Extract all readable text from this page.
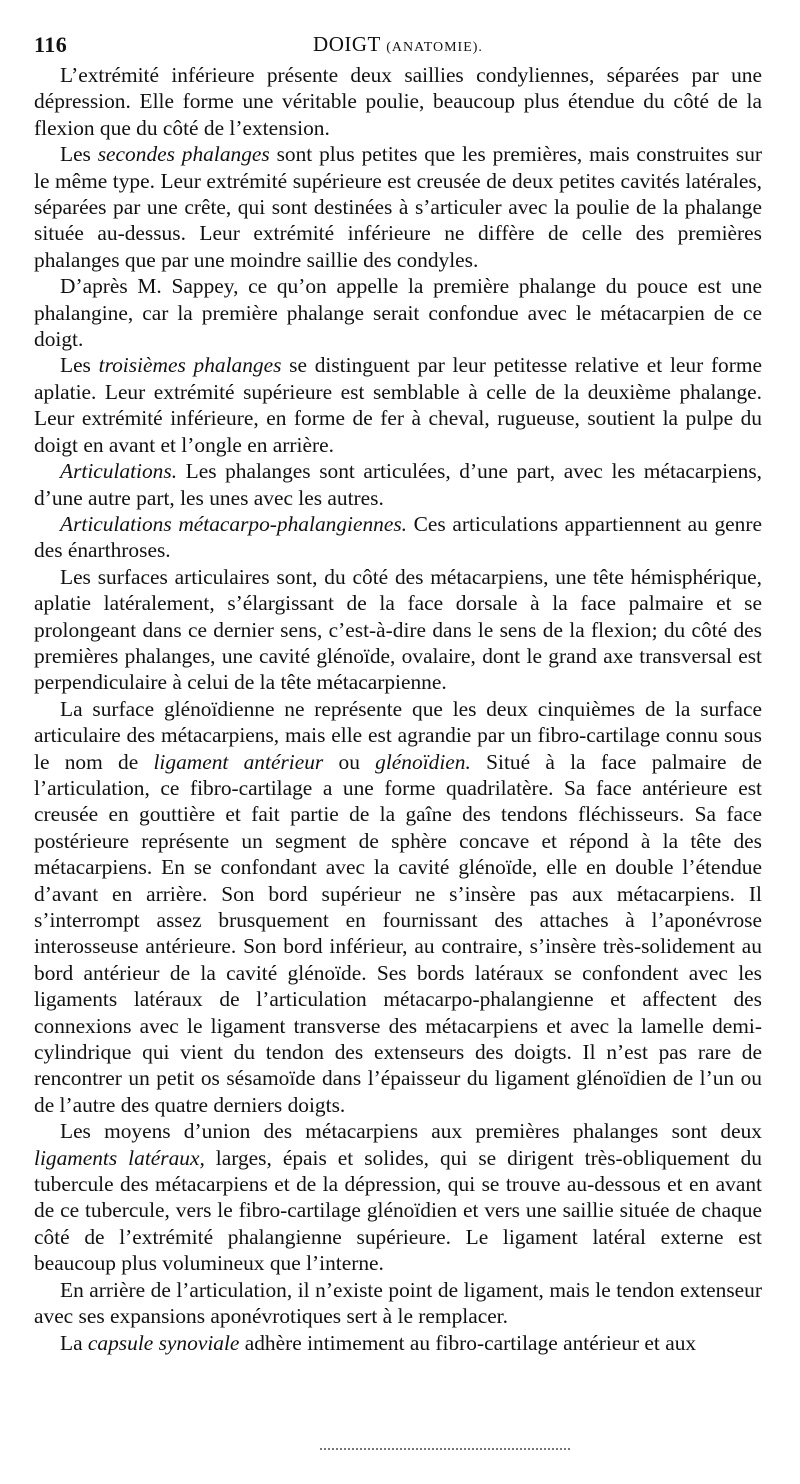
116	DOIGT (ANATOMIE).

L’extrémité inférieure présente deux saillies condyliennes, séparées par une dépression. Elle forme une véritable poulie, beaucoup plus étendue du côté de la flexion que du côté de l’extension.

Les secondes phalanges sont plus petites que les premières, mais construites sur le même type. Leur extrémité supérieure est creusée de deux petites cavités latérales, séparées par une crête, qui sont destinées à s’articuler avec la poulie de la phalange située au-dessus. Leur extrémité inférieure ne diffère de celle des premières phalanges que par une moindre saillie des condyles.

D’après M. Sappey, ce qu’on appelle la première phalange du pouce est une phalangine, car la première phalange serait confondue avec le métacarpien de ce doigt.

Les troisièmes phalanges se distinguent par leur petitesse relative et leur forme aplatie. Leur extrémité supérieure est semblable à celle de la deuxième phalange. Leur extrémité inférieure, en forme de fer à cheval, rugueuse, soutient la pulpe du doigt en avant et l’ongle en arrière.

Articulations. Les phalanges sont articulées, d’une part, avec les métacarpiens, d’une autre part, les unes avec les autres.

Articulations métacarpo-phalangiennes. Ces articulations appartiennent au genre des énarthroses.

Les surfaces articulaires sont, du côté des métacarpiens, une tête hémisphérique, aplatie latéralement, s’élargissant de la face dorsale à la face palmaire et se prolongeant dans ce dernier sens, c’est-à-dire dans le sens de la flexion; du côté des premières phalanges, une cavité glénoïde, ovalaire, dont le grand axe transversal est perpendiculaire à celui de la tête métacarpienne.

La surface glénoïdienne ne représente que les deux cinquièmes de la surface articulaire des métacarpiens, mais elle est agrandie par un fibro-cartilage connu sous le nom de ligament antérieur ou glénoïdien. Situé à la face palmaire de l’articulation, ce fibro-cartilage a une forme quadrilatère. Sa face antérieure est creusée en gouttière et fait partie de la gaîne des tendons fléchisseurs. Sa face postérieure représente un segment de sphère concave et répond à la tête des métacarpiens. En se confondant avec la cavité glénoïde, elle en double l’étendue d’avant en arrière. Son bord supérieur ne s’insère pas aux métacarpiens. Il s’interrompt assez brusquement en fournissant des attaches à l’aponévrose interosseuse antérieure. Son bord inférieur, au contraire, s’insère très-solidement au bord antérieur de la cavité glénoïde. Ses bords latéraux se confondent avec les ligaments latéraux de l’articulation métacarpo-phalangienne et affectent des connexions avec le ligament transverse des métacarpiens et avec la lamelle demi-cylindrique qui vient du tendon des extenseurs des doigts. Il n’est pas rare de rencontrer un petit os sésamoïde dans l’épaisseur du ligament glénoïdien de l’un ou de l’autre des quatre derniers doigts.

Les moyens d’union des métacarpiens aux premières phalanges sont deux ligaments latéraux, larges, épais et solides, qui se dirigent très-obliquement du tubercule des métacarpiens et de la dépression, qui se trouve au-dessous et en avant de ce tubercule, vers le fibro-cartilage glénoïdien et vers une saillie située de chaque côté de l’extrémité phalangienne supérieure. Le ligament latéral externe est beaucoup plus volumineux que l’interne.

En arrière de l’articulation, il n’existe point de ligament, mais le tendon extenseur avec ses expansions aponévrotiques sert à le remplacer.

La capsule synoviale adhère intimement au fibro-cartilage antérieur et aux
